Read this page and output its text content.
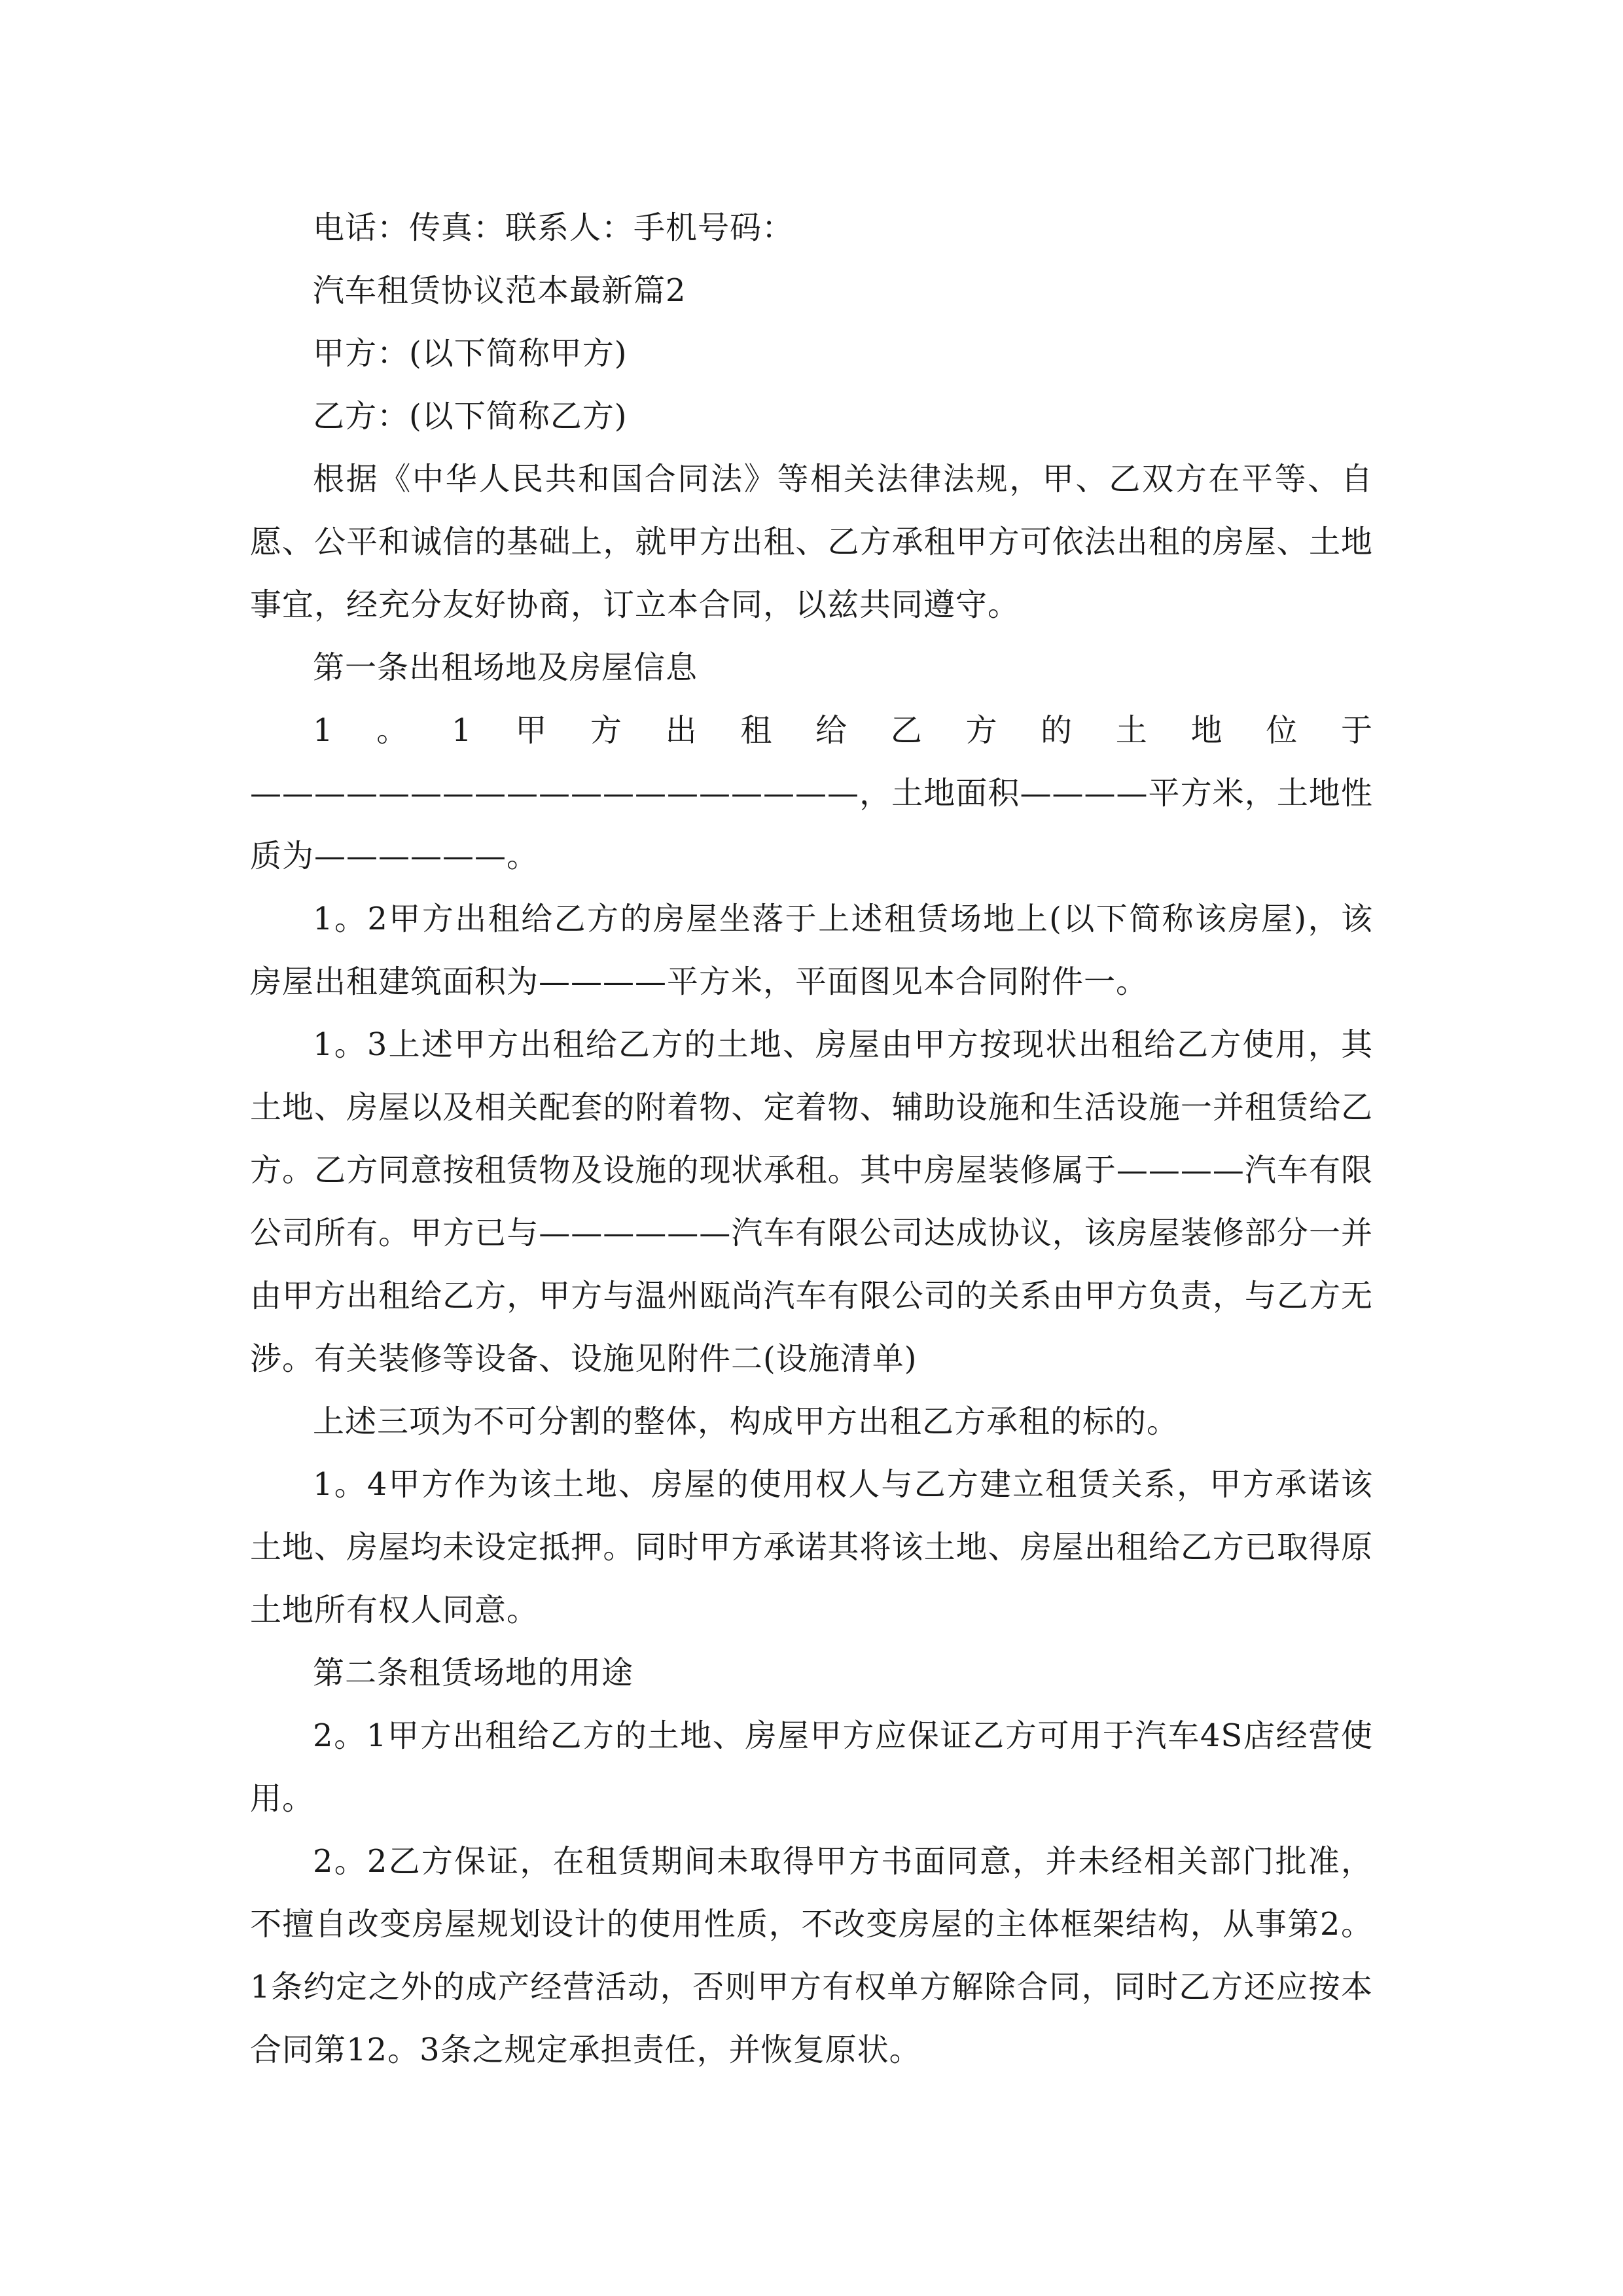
电话：传真：联系人：手机号码：

汽车租赁协议范本最新篇2

甲方：(以下简称甲方)

乙方：(以下简称乙方)

根据《中华人民共和国合同法》等相关法律法规，甲、乙双方在平等、自愿、公平和诚信的基础上，就甲方出租、乙方承租甲方可依法出租的房屋、土地事宜，经充分友好协商，订立本合同，以兹共同遵守。

第一条出租场地及房屋信息

1。1甲方出租给乙方的土地位于———————————————————，土地面积————平方米，土地性质为——————。

1。2甲方出租给乙方的房屋坐落于上述租赁场地上(以下简称该房屋)，该房屋出租建筑面积为————平方米，平面图见本合同附件一。

1。3上述甲方出租给乙方的土地、房屋由甲方按现状出租给乙方使用，其土地、房屋以及相关配套的附着物、定着物、辅助设施和生活设施一并租赁给乙方。乙方同意按租赁物及设施的现状承租。其中房屋装修属于————汽车有限公司所有。甲方已与——————汽车有限公司达成协议，该房屋装修部分一并由甲方出租给乙方，甲方与温州瓯尚汽车有限公司的关系由甲方负责，与乙方无涉。有关装修等设备、设施见附件二(设施清单)

上述三项为不可分割的整体，构成甲方出租乙方承租的标的。

1。4甲方作为该土地、房屋的使用权人与乙方建立租赁关系，甲方承诺该土地、房屋均未设定抵押。同时甲方承诺其将该土地、房屋出租给乙方已取得原土地所有权人同意。

第二条租赁场地的用途

2。1甲方出租给乙方的土地、房屋甲方应保证乙方可用于汽车4S店经营使用。

2。2乙方保证，在租赁期间未取得甲方书面同意，并未经相关部门批准，不擅自改变房屋规划设计的使用性质，不改变房屋的主体框架结构，从事第2。1条约定之外的成产经营活动，否则甲方有权单方解除合同，同时乙方还应按本合同第12。3条之规定承担责任，并恢复原状。
